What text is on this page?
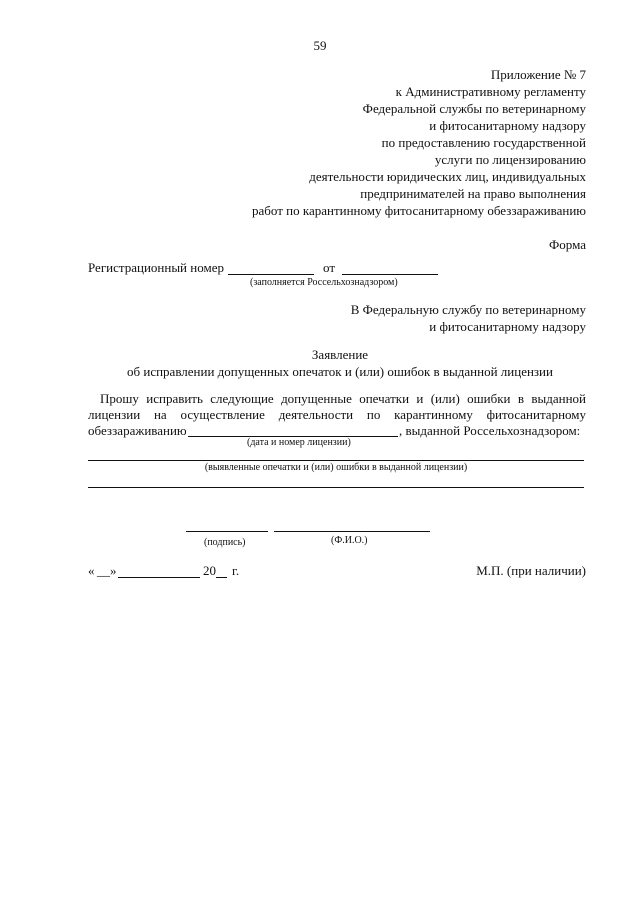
59
Приложение № 7
к Административному регламенту
Федеральной службы по ветеринарному
и фитосанитарному надзору
по предоставлению государственной
услуги по лицензированию
деятельности юридических лиц, индивидуальных
предпринимателей на право выполнения
работ по карантинному фитосанитарному обеззараживанию
Форма
Регистрационный номер	от
(заполняется Россельхознадзором)
В Федеральную службу по ветеринарному
и фитосанитарному надзору
Заявление
об исправлении допущенных опечаток и (или) ошибок в выданной лицензии
Прошу исправить следующие допущенные опечатки и (или) ошибки в выданной
лицензии на осуществление деятельности по карантинному фитосанитарному
обеззараживанию	, выданной Россельхознадзором:
(дата и номер лицензии)
(выявленные опечатки и (или) ошибки в выданной лицензии)
(подпись)	(Ф.И.О.)
« __ »	20 г.	М.П. (при наличии)
